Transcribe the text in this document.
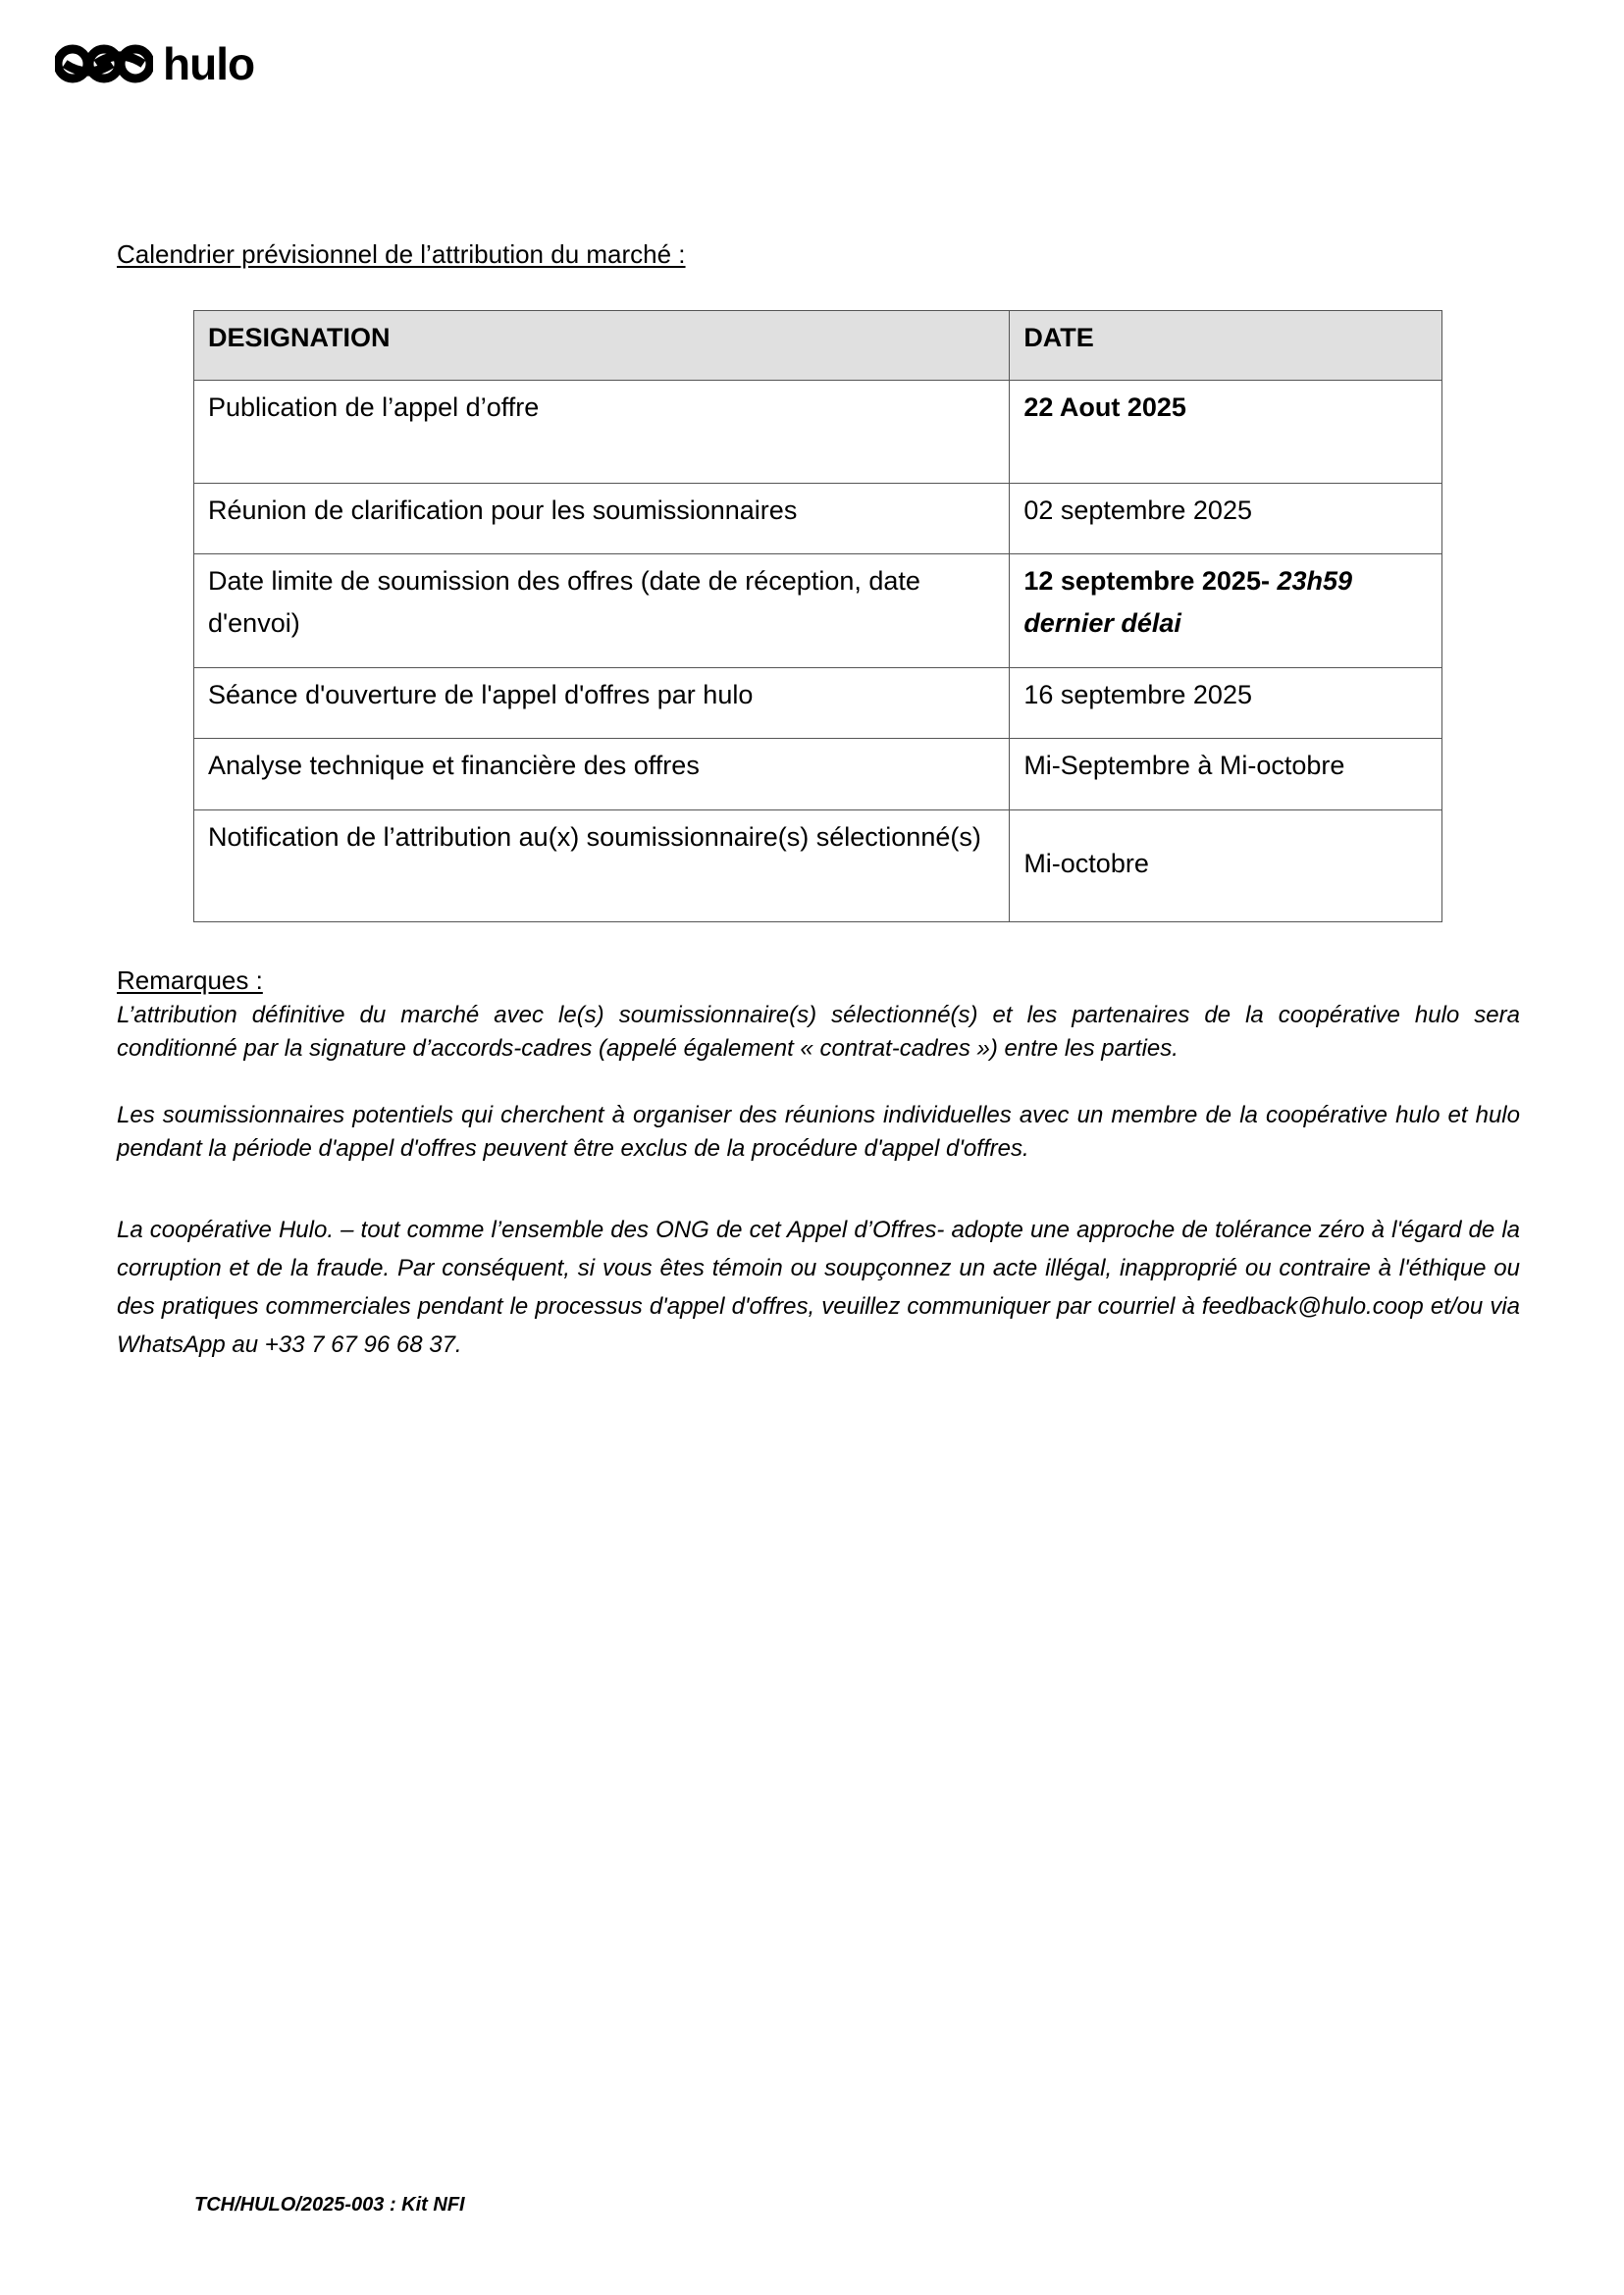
hulo
Calendrier prévisionnel de l’attribution du marché :
DESIGNATION	DATE
Publication de l’appel d’offre	22 Aout 2025
Réunion de clarification pour les soumissionnaires	02 septembre 2025
Date limite de soumission des offres (date de réception, date d'envoi)	12 septembre 2025- 23h59 dernier délai
Séance d'ouverture de l'appel d'offres par hulo	16 septembre 2025
Analyse technique et financière des offres	Mi-Septembre à Mi-octobre
Notification de l’attribution au(x) soumissionnaire(s) sélectionné(s)	Mi-octobre
Remarques :

L’attribution définitive du marché avec le(s) soumissionnaire(s) sélectionné(s) et les partenaires de la coopérative hulo sera conditionné par la signature d’accords-cadres (appelé également « contrat-cadres ») entre les parties.

Les soumissionnaires potentiels qui cherchent à organiser des réunions individuelles avec un membre de la coopérative hulo et hulo pendant la période d'appel d'offres peuvent être exclus de la procédure d'appel d'offres.

La coopérative Hulo. – tout comme l’ensemble des ONG de cet Appel d’Offres- adopte une approche de tolérance zéro à l'égard de la corruption et de la fraude. Par conséquent, si vous êtes témoin ou soupçonnez un acte illégal, inapproprié ou contraire à l'éthique ou des pratiques commerciales pendant le processus d'appel d'offres, veuillez communiquer par courriel à feedback@hulo.coop et/ou via WhatsApp au +33 7 67 96 68 37.

TCH/HULO/2025-003 : Kit NFI
